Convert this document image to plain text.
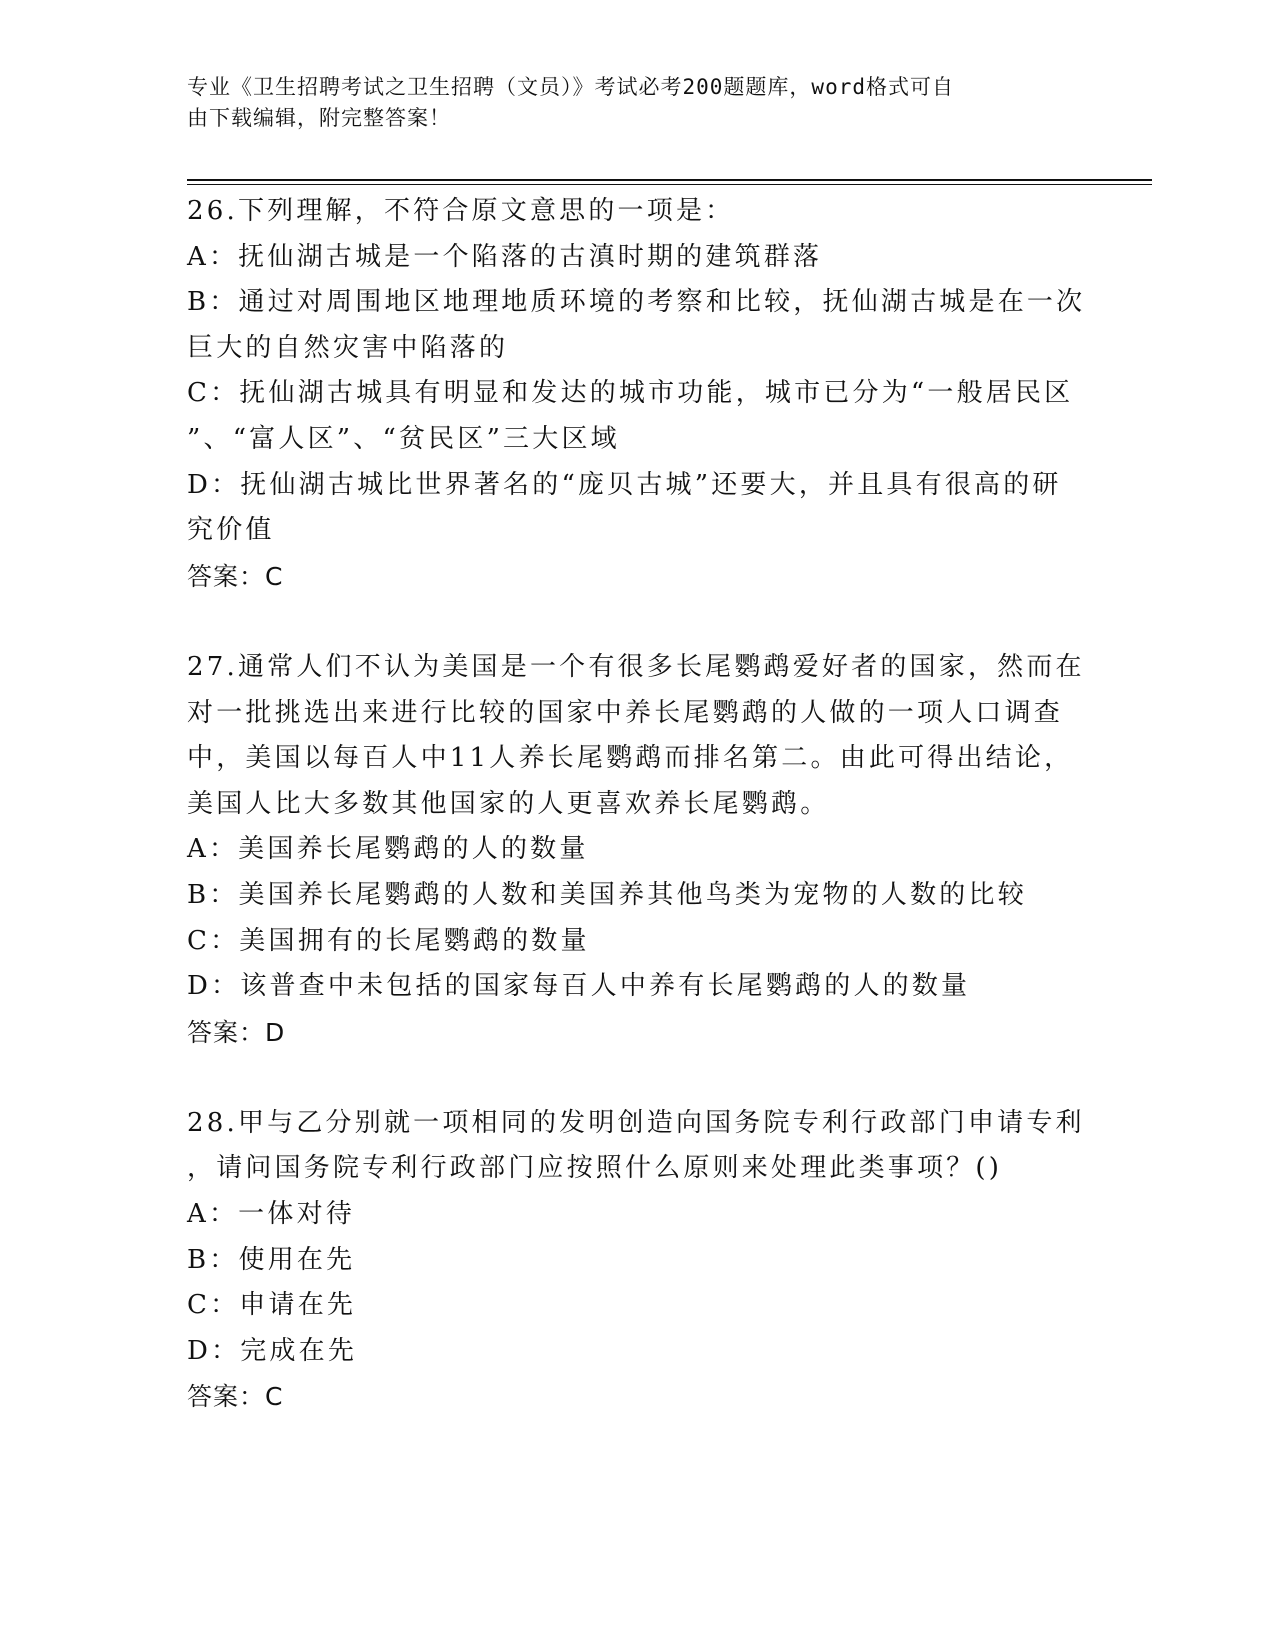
专业《卫生招聘考试之卫生招聘（文员）》考试必考200题题库，word格式可自
由下载编辑，附完整答案！
26.下列理解，不符合原文意思的一项是：
A：抚仙湖古城是一个陷落的古滇时期的建筑群落
B：通过对周围地区地理地质环境的考察和比较，抚仙湖古城是在一次
巨大的自然灾害中陷落的
C：抚仙湖古城具有明显和发达的城市功能，城市已分为“一般居民区
”、“富人区”、“贫民区”三大区域
D：抚仙湖古城比世界著名的“庞贝古城”还要大，并且具有很高的研
究价值
答案：C
27.通常人们不认为美国是一个有很多长尾鹦鹉爱好者的国家，然而在
对一批挑选出来进行比较的国家中养长尾鹦鹉的人做的一项人口调查
中，美国以每百人中11人养长尾鹦鹉而排名第二。由此可得出结论，
美国人比大多数其他国家的人更喜欢养长尾鹦鹉。
A：美国养长尾鹦鹉的人的数量
B：美国养长尾鹦鹉的人数和美国养其他鸟类为宠物的人数的比较
C：美国拥有的长尾鹦鹉的数量
D：该普查中未包括的国家每百人中养有长尾鹦鹉的人的数量
答案：D
28.甲与乙分别就一项相同的发明创造向国务院专利行政部门申请专利
，请问国务院专利行政部门应按照什么原则来处理此类事项？()
A：一体对待
B：使用在先
C：申请在先
D：完成在先
答案：C
